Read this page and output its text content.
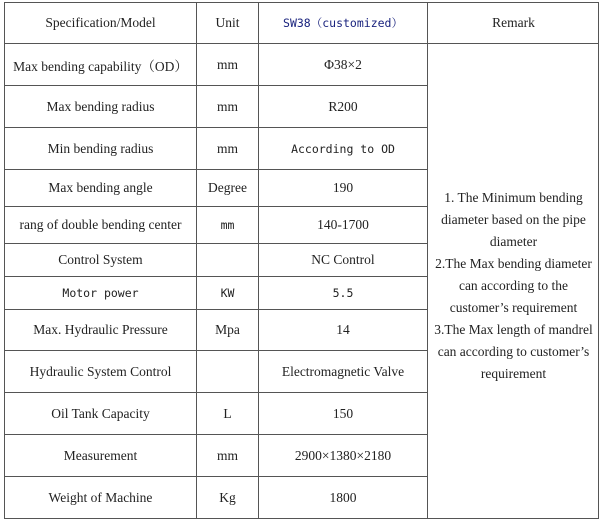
Specification/Model	Unit	SW38（customized）	Remark
Max bending capability（OD）	mm	Φ38×2	1. The Minimum bending diameter based on the pipe diameter
2.The Max bending diameter can according to the customer’s requirement
3.The Max length of mandrel can according to customer’s requirement

Max bending radius	mm	R200	
Min bending radius	mm	According to OD	
Max bending angle	Degree	190	
rang of double bending center	mm	140-1700	
Control System		NC Control	
Motor power	KW	5.5	
Max. Hydraulic Pressure	Mpa	14	
Hydraulic System Control		Electromagnetic Valve	
Oil Tank Capacity	L	150	
Measurement	mm	2900×1380×2180	
Weight of Machine	Kg	1800	
